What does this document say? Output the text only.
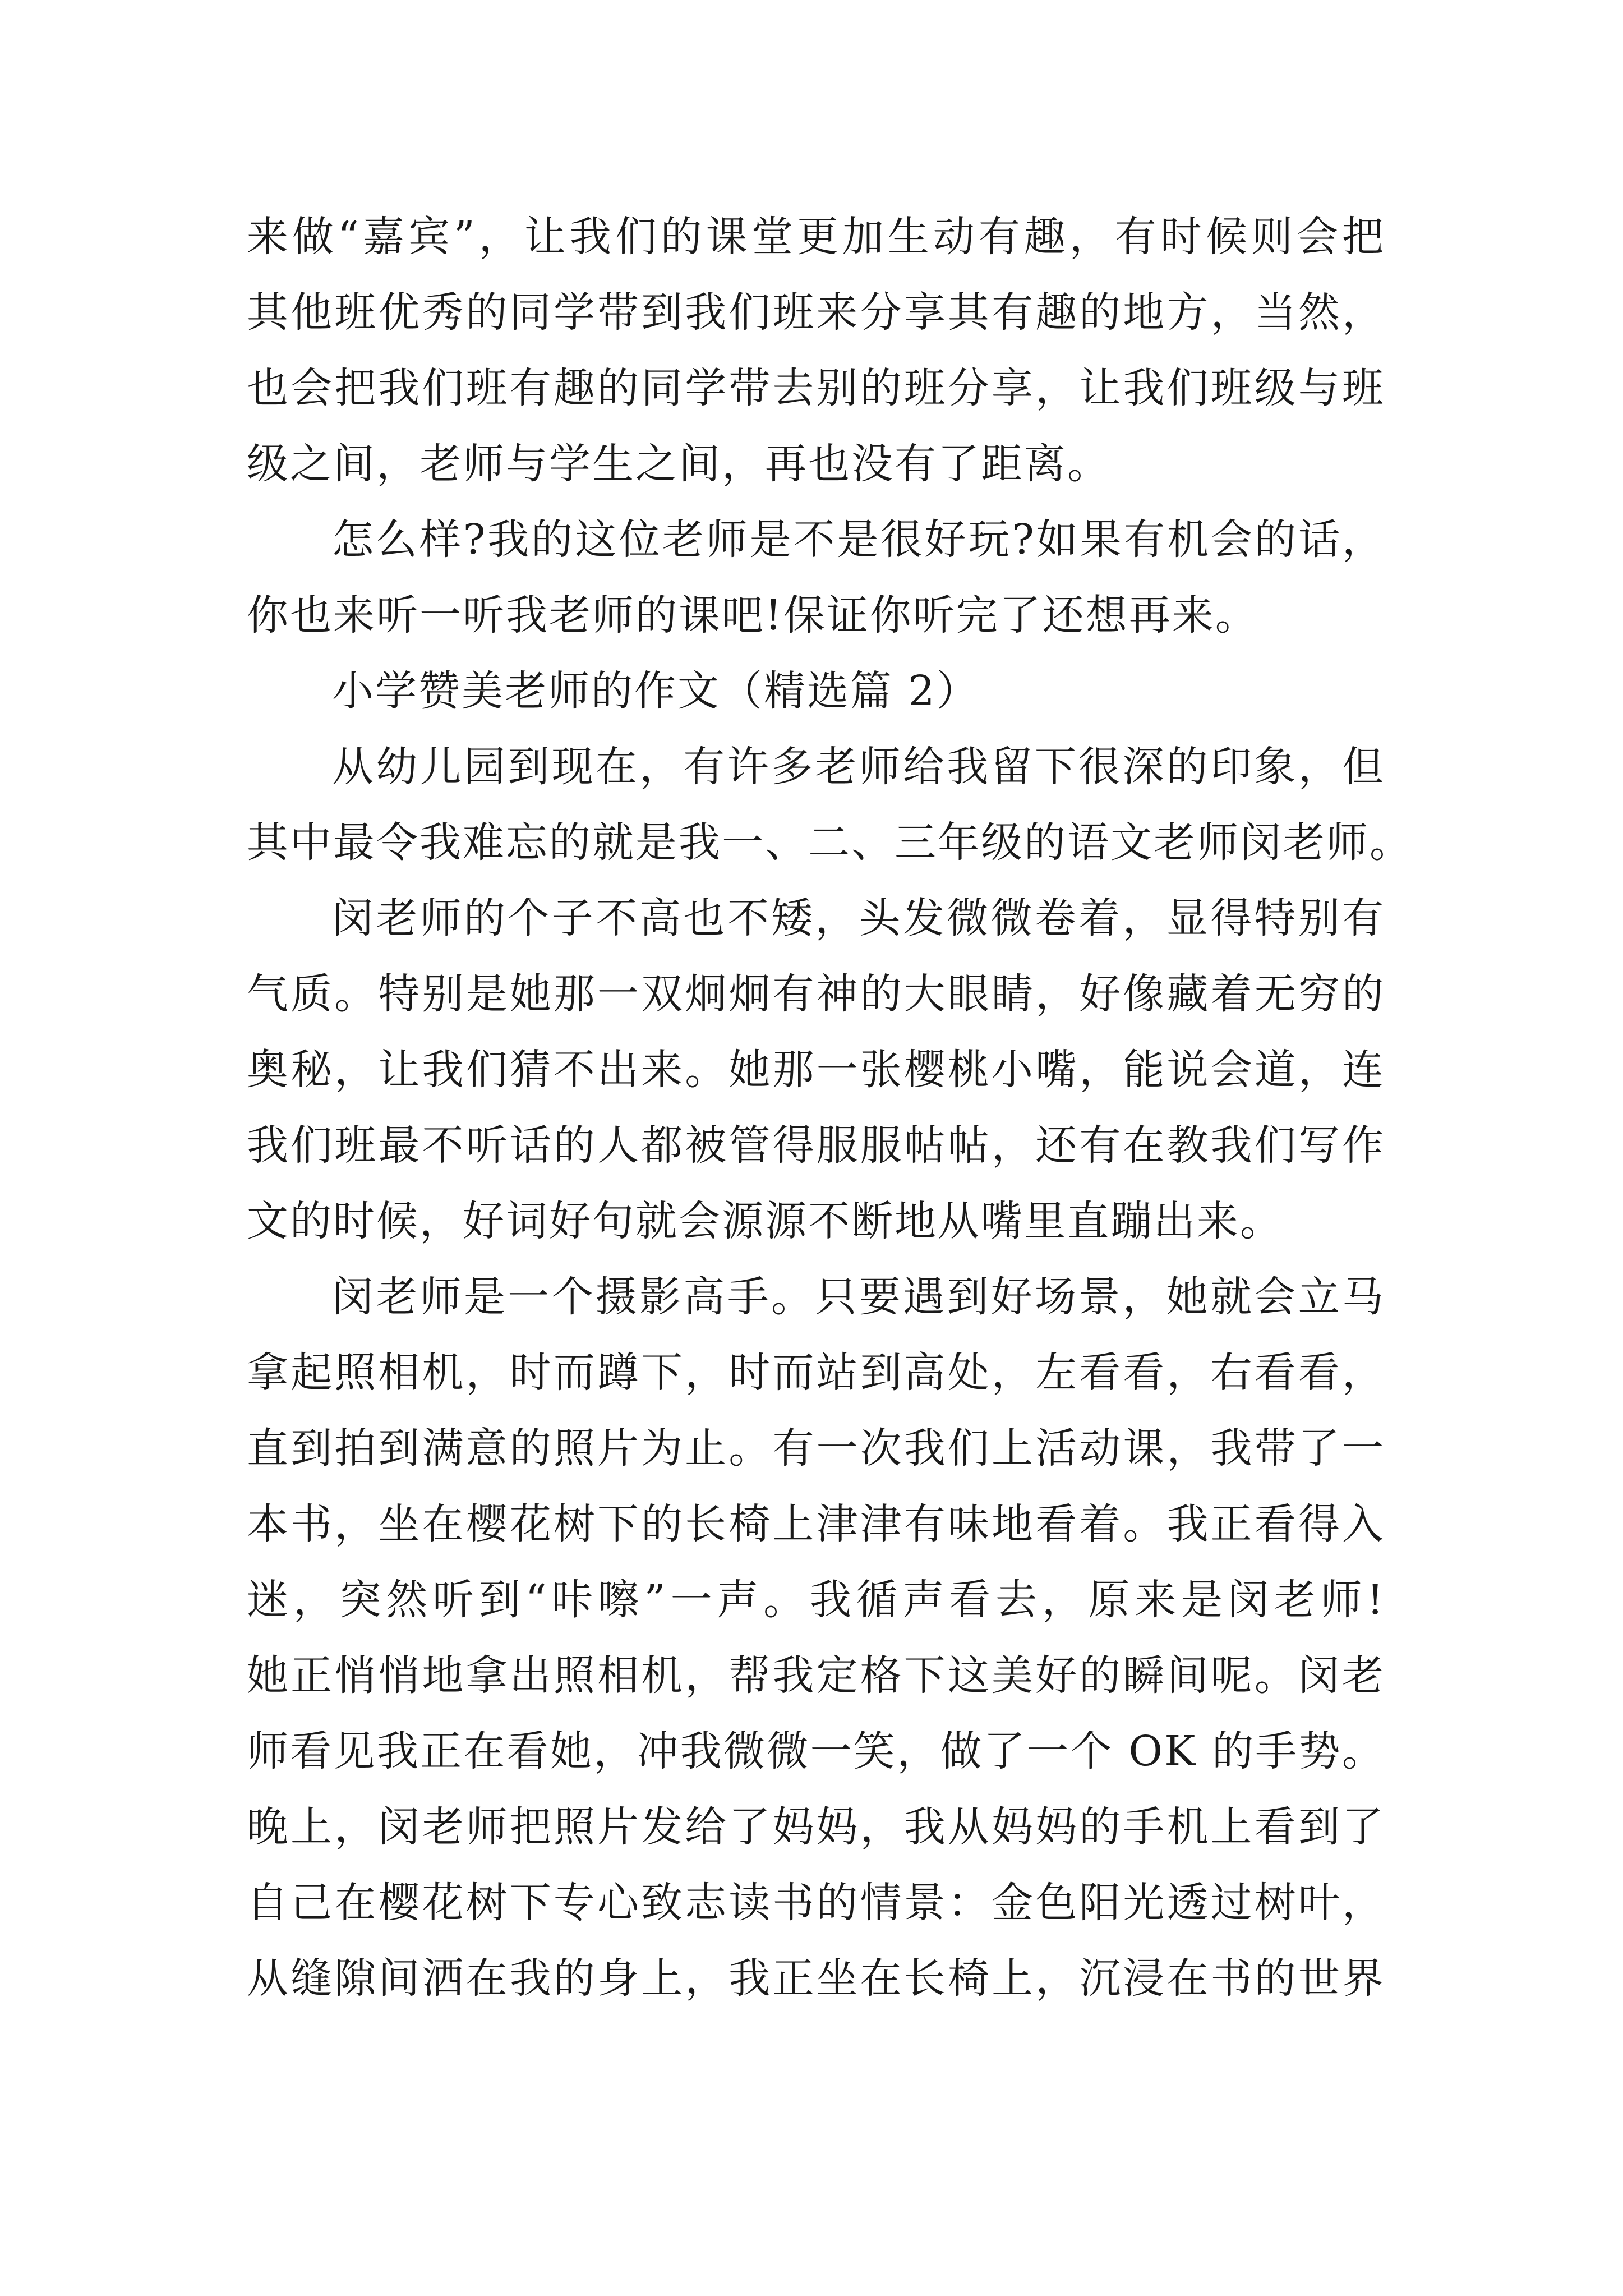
来做“嘉宾”，让我们的课堂更加生动有趣，有时候则会把
其他班优秀的同学带到我们班来分享其有趣的地方，当然，
也会把我们班有趣的同学带去别的班分享，让我们班级与班
级之间，老师与学生之间，再也没有了距离。
怎么样?我的这位老师是不是很好玩?如果有机会的话，
你也来听一听我老师的课吧!保证你听完了还想再来。
小学赞美老师的作文（精选篇 2）
从幼儿园到现在，有许多老师给我留下很深的印象，但
其中最令我难忘的就是我一、二、三年级的语文老师闵老师。
闵老师的个子不高也不矮，头发微微卷着，显得特别有
气质。特别是她那一双炯炯有神的大眼睛，好像藏着无穷的
奥秘，让我们猜不出来。她那一张樱桃小嘴，能说会道，连
我们班最不听话的人都被管得服服帖帖，还有在教我们写作
文的时候，好词好句就会源源不断地从嘴里直蹦出来。
闵老师是一个摄影高手。只要遇到好场景，她就会立马
拿起照相机，时而蹲下，时而站到高处，左看看，右看看，
直到拍到满意的照片为止。有一次我们上活动课，我带了一
本书，坐在樱花树下的长椅上津津有味地看着。我正看得入
迷，突然听到“咔嚓”一声。我循声看去，原来是闵老师!
她正悄悄地拿出照相机，帮我定格下这美好的瞬间呢。闵老
师看见我正在看她，冲我微微一笑，做了一个 OK 的手势。
晚上，闵老师把照片发给了妈妈，我从妈妈的手机上看到了
自己在樱花树下专心致志读书的情景：金色阳光透过树叶，
从缝隙间洒在我的身上，我正坐在长椅上，沉浸在书的世界
